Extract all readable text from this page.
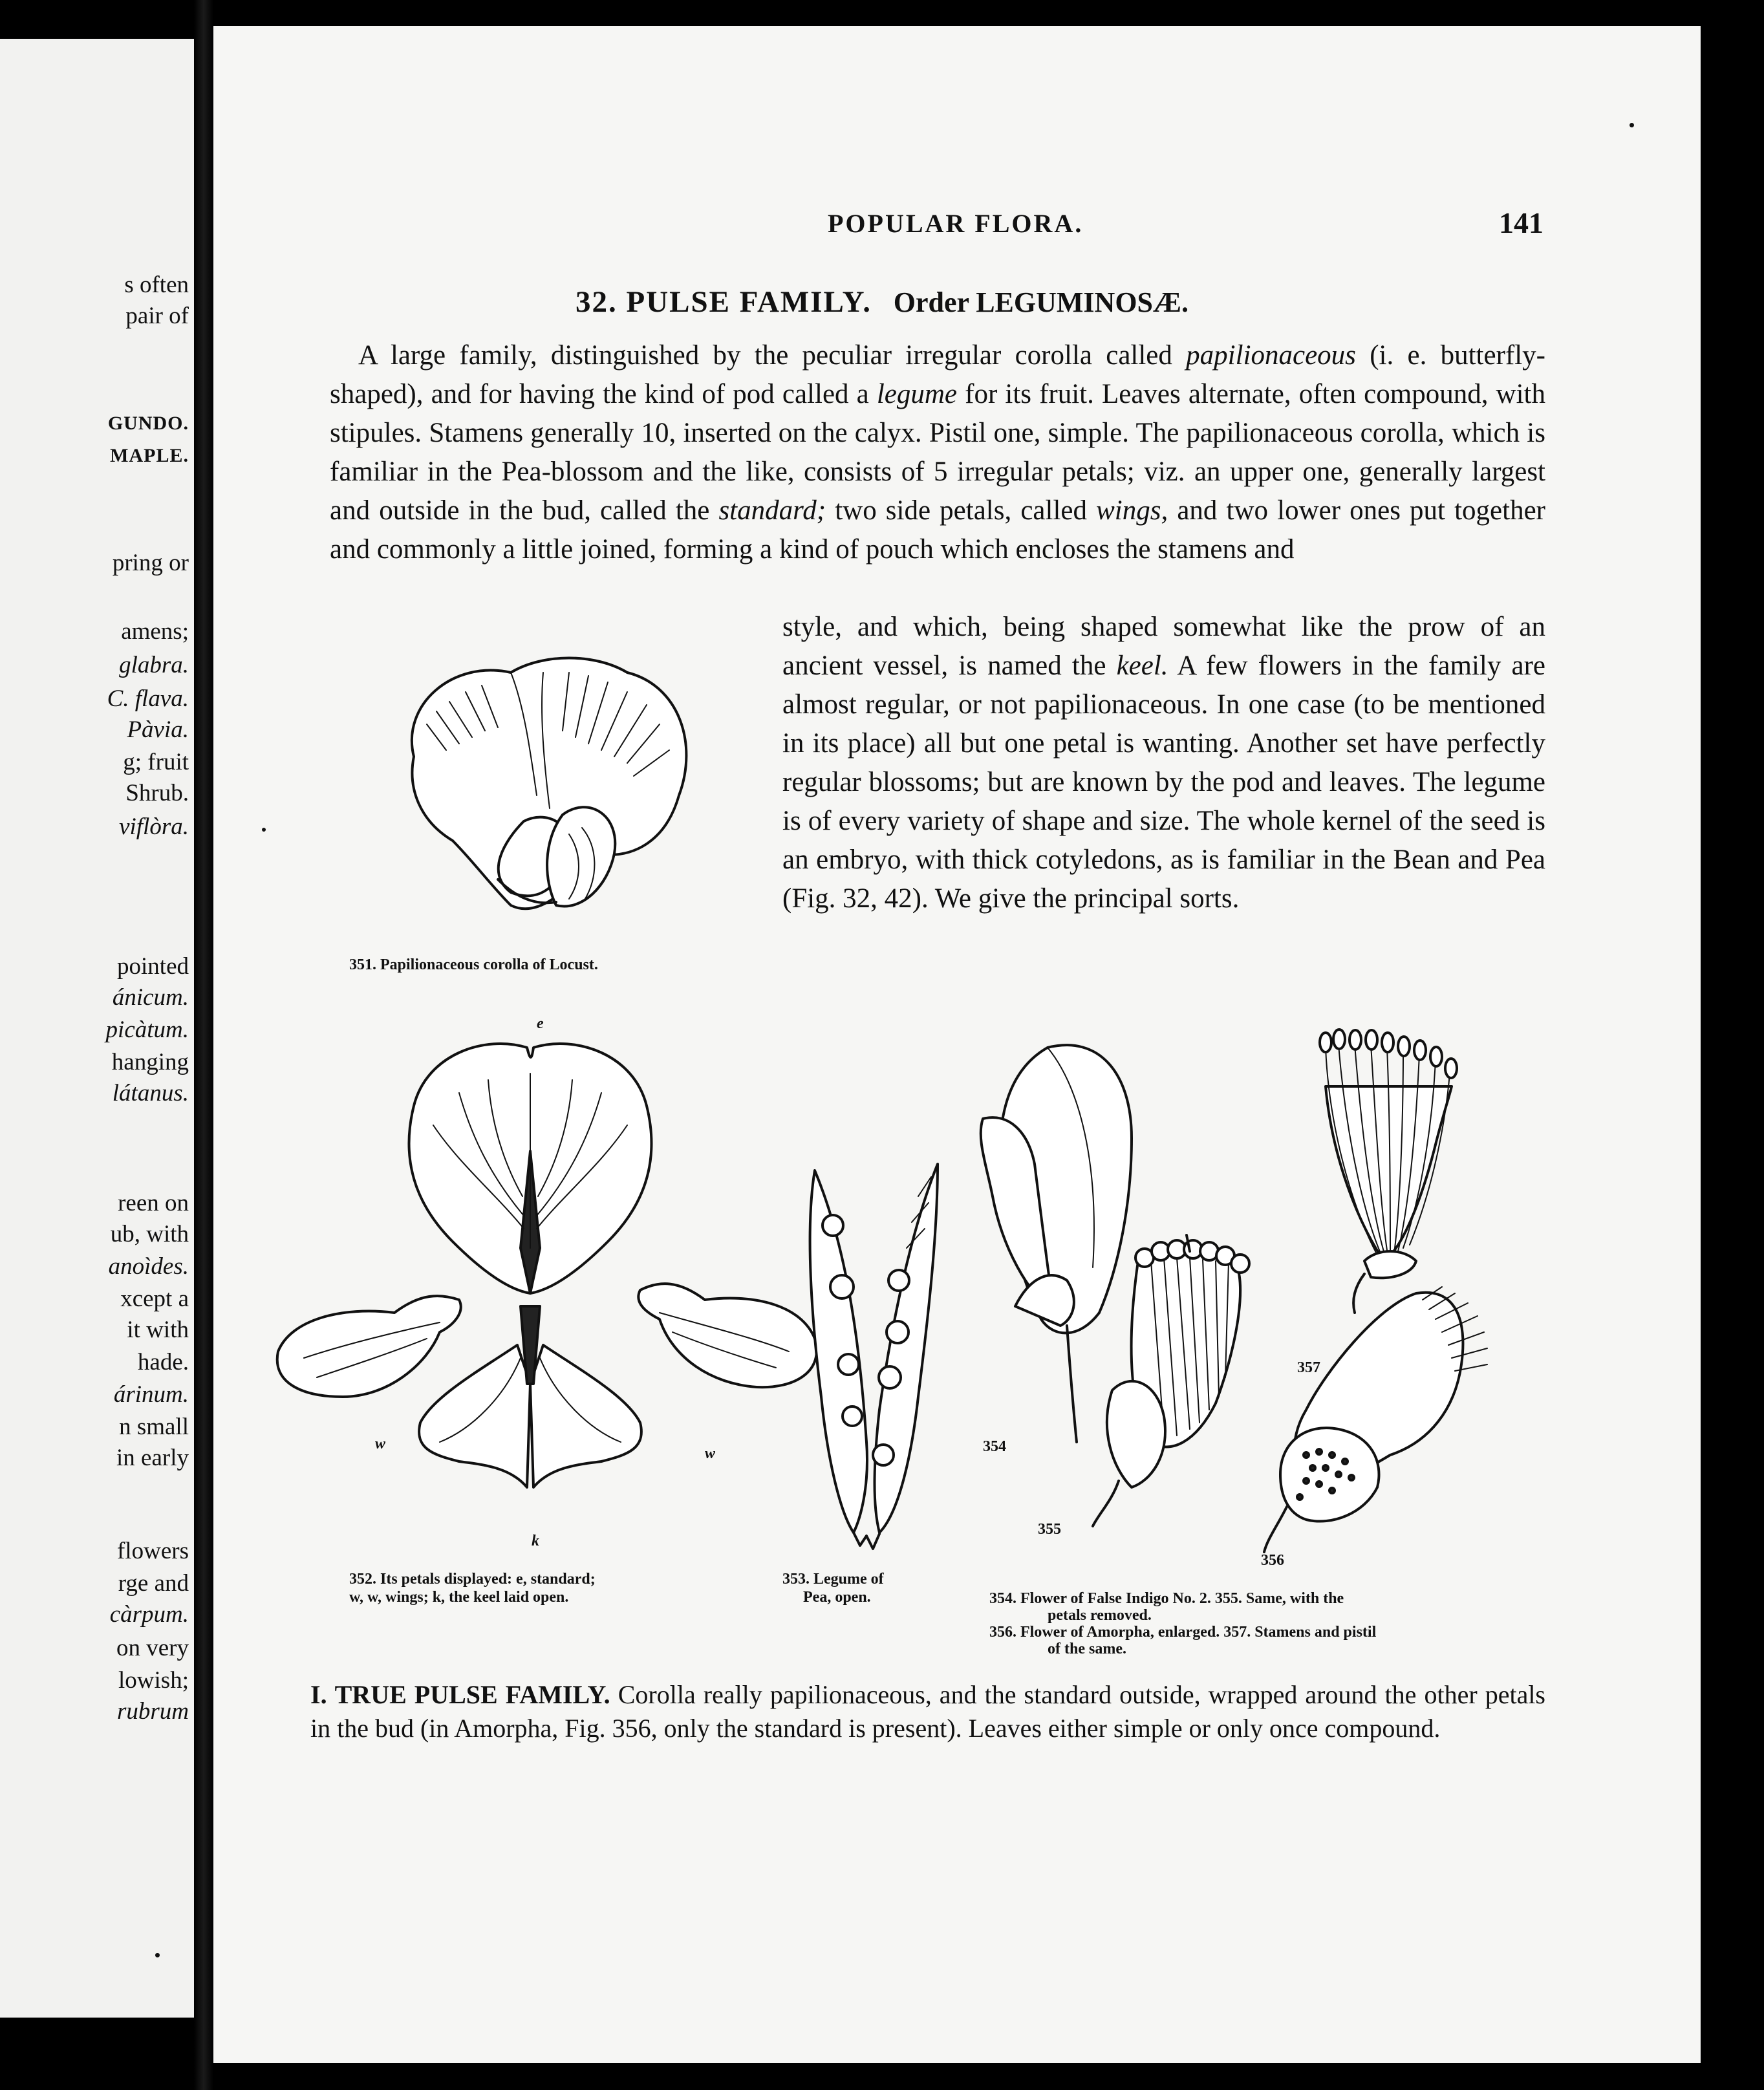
s often
pair of
GUNDO.
MAPLE.
pring or
amens;
glabra.
C. flava.
Pàvia.
g; fruit
Shrub.
viflòra.
pointed
ánicum.
picàtum.
hanging
látanus.
reen on
ub, with
anoìdes.
xcept a
it with
hade.
árinum.
n small
in early
flowers
rge and
càrpum.
on very
lowish;
rubrum
POPULAR FLORA.	141
32. PULSE FAMILY. Order LEGUMINOSÆ.

A large family, distinguished by the peculiar irregular corolla called papilionaceous (i. e. butterfly-shaped), and for having the kind of pod called a legume for its fruit. Leaves alternate, often compound, with stipules. Stamens generally 10, inserted on the calyx. Pistil one, simple. The papilionaceous corolla, which is familiar in the Pea-blossom and the like, consists of 5 irregular petals; viz. an upper one, generally largest and outside in the bud, called the standard; two side petals, called wings, and two lower ones put together and commonly a little joined, forming a kind of pouch which encloses the stamens and

style, and which, being shaped somewhat like the prow of an ancient vessel, is named the keel. A few flowers in the family are almost regular, or not papilionaceous. In one case (to be mentioned in its place) all but one petal is wanting. Another set have perfectly regular blossoms; but are known by the pod and leaves. The legume is of every variety of shape and size. The whole kernel of the seed is an embryo, with thick cotyledons, as is familiar in the Bean and Pea (Fig. 32, 42). We give the principal sorts.

351. Papilionaceous corolla of Locust.
e
w
w
k
352. Its petals displayed: e, standard;
w, w, wings; k, the keel laid open.
353. Legume of
Pea, open.
354
355
356
357
354. Flower of False Indigo No. 2. 355. Same, with the
petals removed.
356. Flower of Amorpha, enlarged. 357. Stamens and pistil
of the same.

I. TRUE PULSE FAMILY. Corolla really papilionaceous, and the standard outside, wrapped around the other petals in the bud (in Amorpha, Fig. 356, only the standard is present). Leaves either simple or only once compound.
